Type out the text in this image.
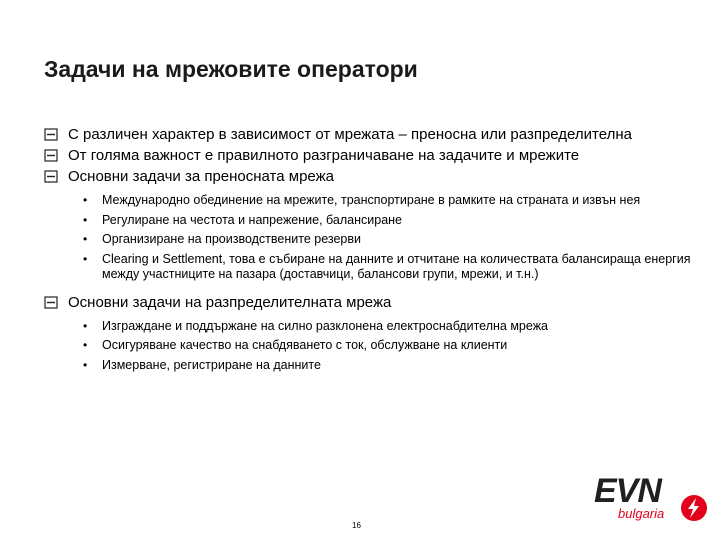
Задачи на мрежовите оператори
С различен характер в зависимост от мрежата – преносна или разпределителна
От голяма важност е правилното разграничаване на задачите и мрежите
Основни задачи за преносната мрежа
• Международно обединение на мрежите, транспортиране в рамките на страната и извън нея
• Регулиране на честота и напрежение, балансиране
• Организиране на производствените резерви
• Clearing и Settlement, това е събиране на данните и отчитане на количествата балансираща енергия между участниците на пазара (доставчици, балансови групи, мрежи, и т.н.)
Основни задачи на разпределителната мрежа
• Изграждане и поддържане на силно разклонена електроснабдителна мрежа
• Осигуряване качество на снабдяването с ток, обслужване на клиенти
• Измерване, регистриране на данните
EVN
bulgaria
16
